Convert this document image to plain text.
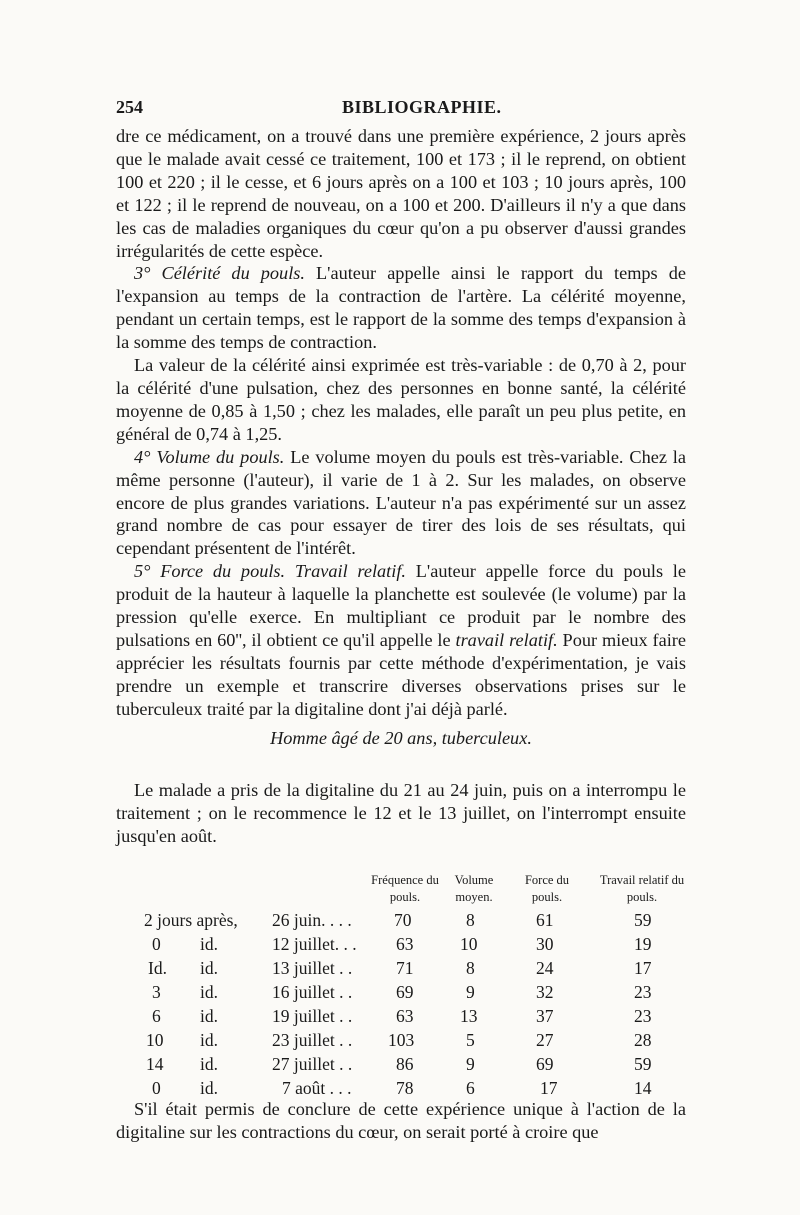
254	BIBLIOGRAPHIE.

dre ce médicament, on a trouvé dans une première expérience, 2 jours après que le malade avait cessé ce traitement, 100 et 173 ; il le reprend, on obtient 100 et 220 ; il le cesse, et 6 jours après on a 100 et 103 ; 10 jours après, 100 et 122 ; il le reprend de nouveau, on a 100 et 200. D'ailleurs il n'y a que dans les cas de maladies organiques du cœur qu'on a pu observer d'aussi grandes irrégularités de cette espèce.

3° Célérité du pouls. L'auteur appelle ainsi le rapport du temps de l'expansion au temps de la contraction de l'artère. La célérité moyenne, pendant un certain temps, est le rapport de la somme des temps d'expansion à la somme des temps de contraction.

La valeur de la célérité ainsi exprimée est très-variable : de 0,70 à 2, pour la célérité d'une pulsation, chez des personnes en bonne santé, la célérité moyenne de 0,85 à 1,50 ; chez les malades, elle paraît un peu plus petite, en général de 0,74 à 1,25.

4° Volume du pouls. Le volume moyen du pouls est très-variable. Chez la même personne (l'auteur), il varie de 1 à 2. Sur les malades, on observe encore de plus grandes variations. L'auteur n'a pas expérimenté sur un assez grand nombre de cas pour essayer de tirer des lois de ses résultats, qui cependant présentent de l'intérêt.

5° Force du pouls. Travail relatif. L'auteur appelle force du pouls le produit de la hauteur à laquelle la planchette est soulevée (le volume) par la pression qu'elle exerce. En multipliant ce produit par le nombre des pulsations en 60'', il obtient ce qu'il appelle le travail relatif. Pour mieux faire apprécier les résultats fournis par cette méthode d'expérimentation, je vais prendre un exemple et transcrire diverses observations prises sur le tuberculeux traité par la digitaline dont j'ai déjà parlé.

Homme âgé de 20 ans, tuberculeux.

Le malade a pris de la digitaline du 21 au 24 juin, puis on a interrompu le traitement ; on le recommence le 12 et le 13 juillet, on l'interrompt ensuite jusqu'en août.

Fréquence du pouls.
Volume moyen.
Force du pouls.
Travail relatif du pouls.
2 jours après, 26 juin. . . . 70	8	61	59
0 id.	12 juillet. . . 63	10	30	19
Id. id.	13 juillet . .	71	8	24	17
3 id.	16 juillet . .	69	9	32	23
6 id.	19 juillet . .	63	13	37	23
10 id.	23 juillet . . 103	5	27	28
14 id.	27 juillet . .	86	9	69	59
0 id.	7 août . . .	78	6	17	14

S'il était permis de conclure de cette expérience unique à l'action de la digitaline sur les contractions du cœur, on serait porté à croire que
